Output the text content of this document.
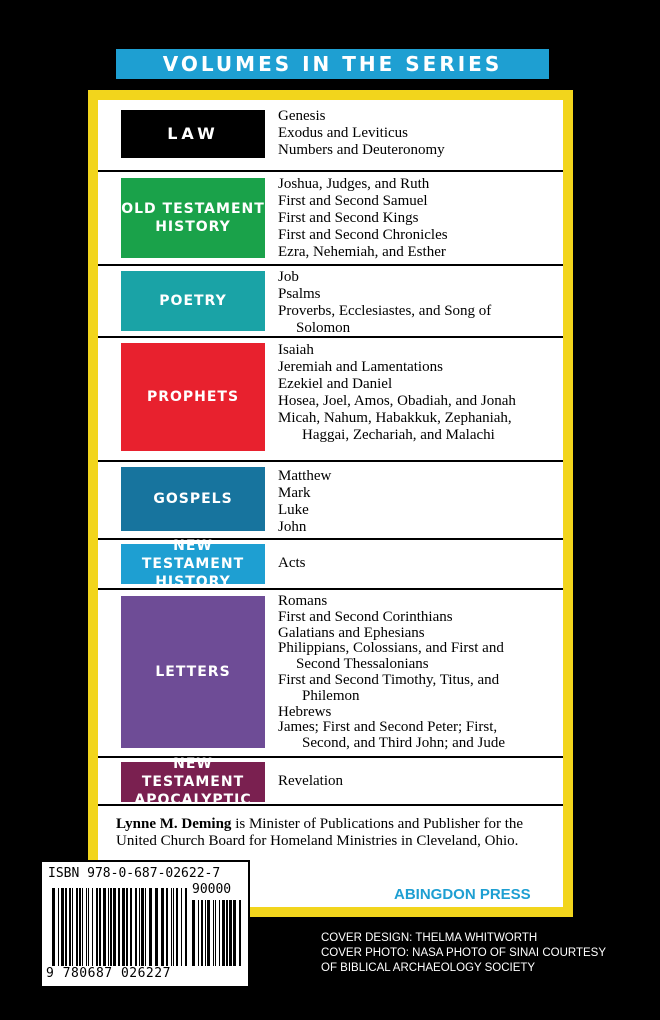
VOLUMES IN THE SERIES
LAW
Genesis
Exodus and Leviticus
Numbers and Deuteronomy
OLD TESTAMENT
HISTORY
Joshua, Judges, and Ruth
First and Second Samuel
First and Second Kings
First and Second Chronicles
Ezra, Nehemiah, and Esther
POETRY
Job
Psalms
Proverbs, Ecclesiastes, and Song of
Solomon
PROPHETS
Isaiah
Jeremiah and Lamentations
Ezekiel and Daniel
Hosea, Joel, Amos, Obadiah, and Jonah
Micah, Nahum, Habakkuk, Zephaniah,
Haggai, Zechariah, and Malachi
GOSPELS
Matthew
Mark
Luke
John
NEW TESTAMENT
HISTORY
Acts
LETTERS
Romans
First and Second Corinthians
Galatians and Ephesians
Philippians, Colossians, and First and
Second Thessalonians
First and Second Timothy, Titus, and
Philemon
Hebrews
James; First and Second Peter; First,
Second, and Third John; and Jude
NEW TESTAMENT
APOCALYPTIC
Revelation
Lynne M. Deming is Minister of Publications and Publisher for the United Church Board for Homeland Ministries in Cleveland, Ohio.
ABINGDON PRESS
ISBN 978-0-687-02622-7
90000
9 780687 026227
COVER DESIGN: THELMA WHITWORTH
COVER PHOTO: NASA PHOTO OF SINAI COURTESY
OF BIBLICAL ARCHAEOLOGY SOCIETY
